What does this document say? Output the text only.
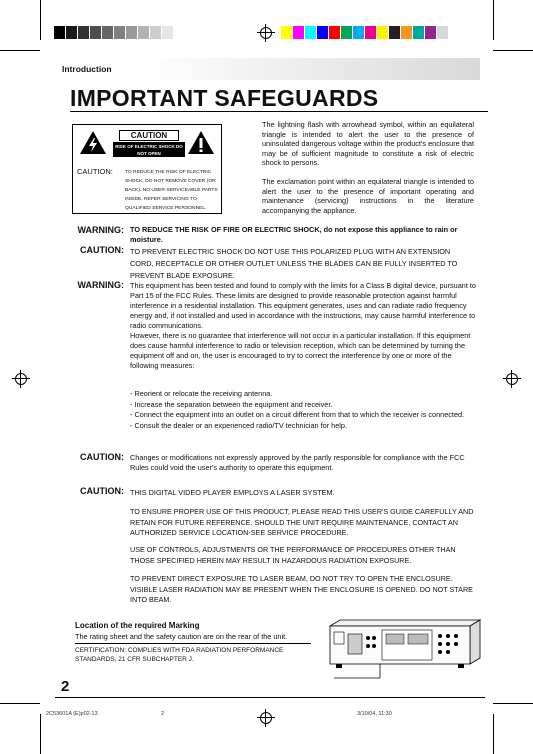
Introduction
IMPORTANT SAFEGUARDS
CAUTION
RISK OF ELECTRIC SHOCK DO NOT OPEN
CAUTION: TO REDUCE THE RISK OF ELECTRIC SHOCK, DO NOT REMOVE COVER (OR BACK). NO USER-SERVICEABLE PARTS INSIDE. REFER SERVICING TO QUALIFIED SERVICE PERSONNEL.
The lightning flash with arrowhead symbol, within an equilateral triangle is intended to alert the user to the presence of uninsulated dangerous voltage within the product's enclosure that may be of sufficient magnitude to constitute a risk of electric shock to persons.
The exclamation point within an equilateral triangle is intended to alert the user to the presence of important operating and maintenance (servicing) instructions in the literature accompanying the appliance.
WARNING: TO REDUCE THE RISK OF FIRE OR ELECTRIC SHOCK, do not expose this appliance to rain or moisture.
CAUTION: TO PREVENT ELECTRIC SHOCK DO NOT USE THIS POLARIZED PLUG WITH AN EXTENSION CORD, RECEPTACLE OR OTHER OUTLET UNLESS THE BLADES CAN BE FULLY INSERTED TO PREVENT BLADE EXPOSURE.
WARNING: This equipment has been tested and found to comply with the limits for a Class B digital device, pursuant to Part 15 of the FCC Rules. These limits are designed to provide reasonable protection against harmful interference in a residential installation. This equipment generates, uses and can radiate radio frequency energy and, if not installed and used in accordance with the instructions, may cause harmful interference to radio communications.
However, there is no guarantee that interference will not occur in a particular installation. If this equipment does cause harmful interference to radio or television reception, which can be determined by turning the equipment off and on, the user is encouraged to try to correct the interference by one or more of the following measures:
- Reorient or relocate the receiving antenna.
- Increase the separation between the equipment and receiver.
- Connect the equipment into an outlet on a circuit different from that to which the receiver is connected.
- Consult the dealer or an experienced radio/TV technician for help.
CAUTION: Changes or modifications not expressly approved by the partly responsible for compliance with the FCC Rules could void the user's authority to operate this equipment.
CAUTION: THIS DIGITAL VIDEO PLAYER EMPLOYS A LASER SYSTEM.
TO ENSURE PROPER USE OF THIS PRODUCT, PLEASE READ THIS USER'S GUIDE CAREFULLY AND RETAIN FOR FUTURE REFERENCE. SHOULD THE UNIT REQUIRE MAINTENANCE, CONTACT AN AUTHORIZED SERVICE LOCATION-SEE SERVICE PROCEDURE.
USE OF CONTROLS, ADJUSTMENTS OR THE PERFORMANCE OF PROCEDURES OTHER THAN THOSE SPECIFIED HEREIN MAY RESULT IN HAZARDOUS RADIATION EXPOSURE.
TO PREVENT DIRECT EXPOSURE TO LASER BEAM, DO NOT TRY TO OPEN THE ENCLOSURE. VISIBLE LASER RADIATION MAY BE PRESENT WHEN THE ENCLOSURE IS OPENED. DO NOT STARE INTO BEAM.
Location of the required Marking
The rating sheet and the safety caution are on the rear of the unit.
CERTIFICATION: COMPLIES WITH FDA RADIATION PERFORMANCE STANDARDS, 21 CFR SUBCHAPTER J.
2
2C53601A (E)p02-13	2	3/10/04, 11:30
